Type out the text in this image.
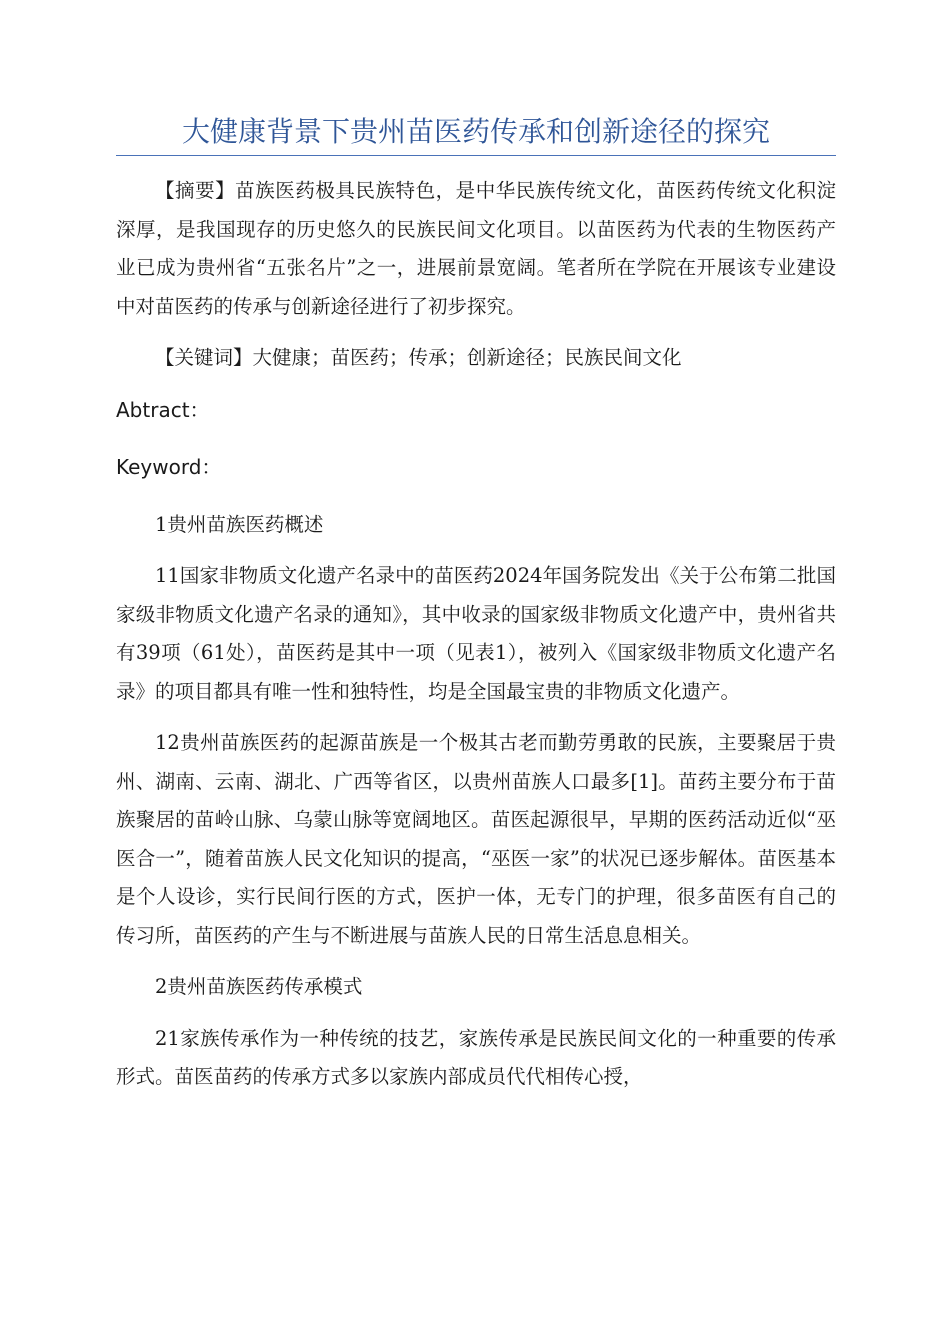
大健康背景下贵州苗医药传承和创新途径的探究

【摘要】苗族医药极具民族特色，是中华民族传统文化，苗医药传统文化积淀深厚，是我国现存的历史悠久的民族民间文化项目。以苗医药为代表的生物医药产业已成为贵州省“五张名片”之一，进展前景宽阔。笔者所在学院在开展该专业建设中对苗医药的传承与创新途径进行了初步探究。

【关键词】大健康；苗医药；传承；创新途径；民族民间文化

Abtract：

Keyword：

1贵州苗族医药概述

11国家非物质文化遗产名录中的苗医药2024年国务院发出《关于公布第二批国家级非物质文化遗产名录的通知》，其中收录的国家级非物质文化遗产中，贵州省共有39项（61处），苗医药是其中一项（见表1），被列入《国家级非物质文化遗产名录》的项目都具有唯一性和独特性，均是全国最宝贵的非物质文化遗产。

12贵州苗族医药的起源苗族是一个极其古老而勤劳勇敢的民族，主要聚居于贵州、湖南、云南、湖北、广西等省区，以贵州苗族人口最多[1]。苗药主要分布于苗族聚居的苗岭山脉、乌蒙山脉等宽阔地区。苗医起源很早，早期的医药活动近似“巫医合一”，随着苗族人民文化知识的提高，“巫医一家”的状况已逐步解体。苗医基本是个人设诊，实行民间行医的方式，医护一体，无专门的护理，很多苗医有自己的传习所，苗医药的产生与不断进展与苗族人民的日常生活息息相关。

2贵州苗族医药传承模式

21家族传承作为一种传统的技艺，家族传承是民族民间文化的一种重要的传承形式。苗医苗药的传承方式多以家族内部成员代代相传心授，
